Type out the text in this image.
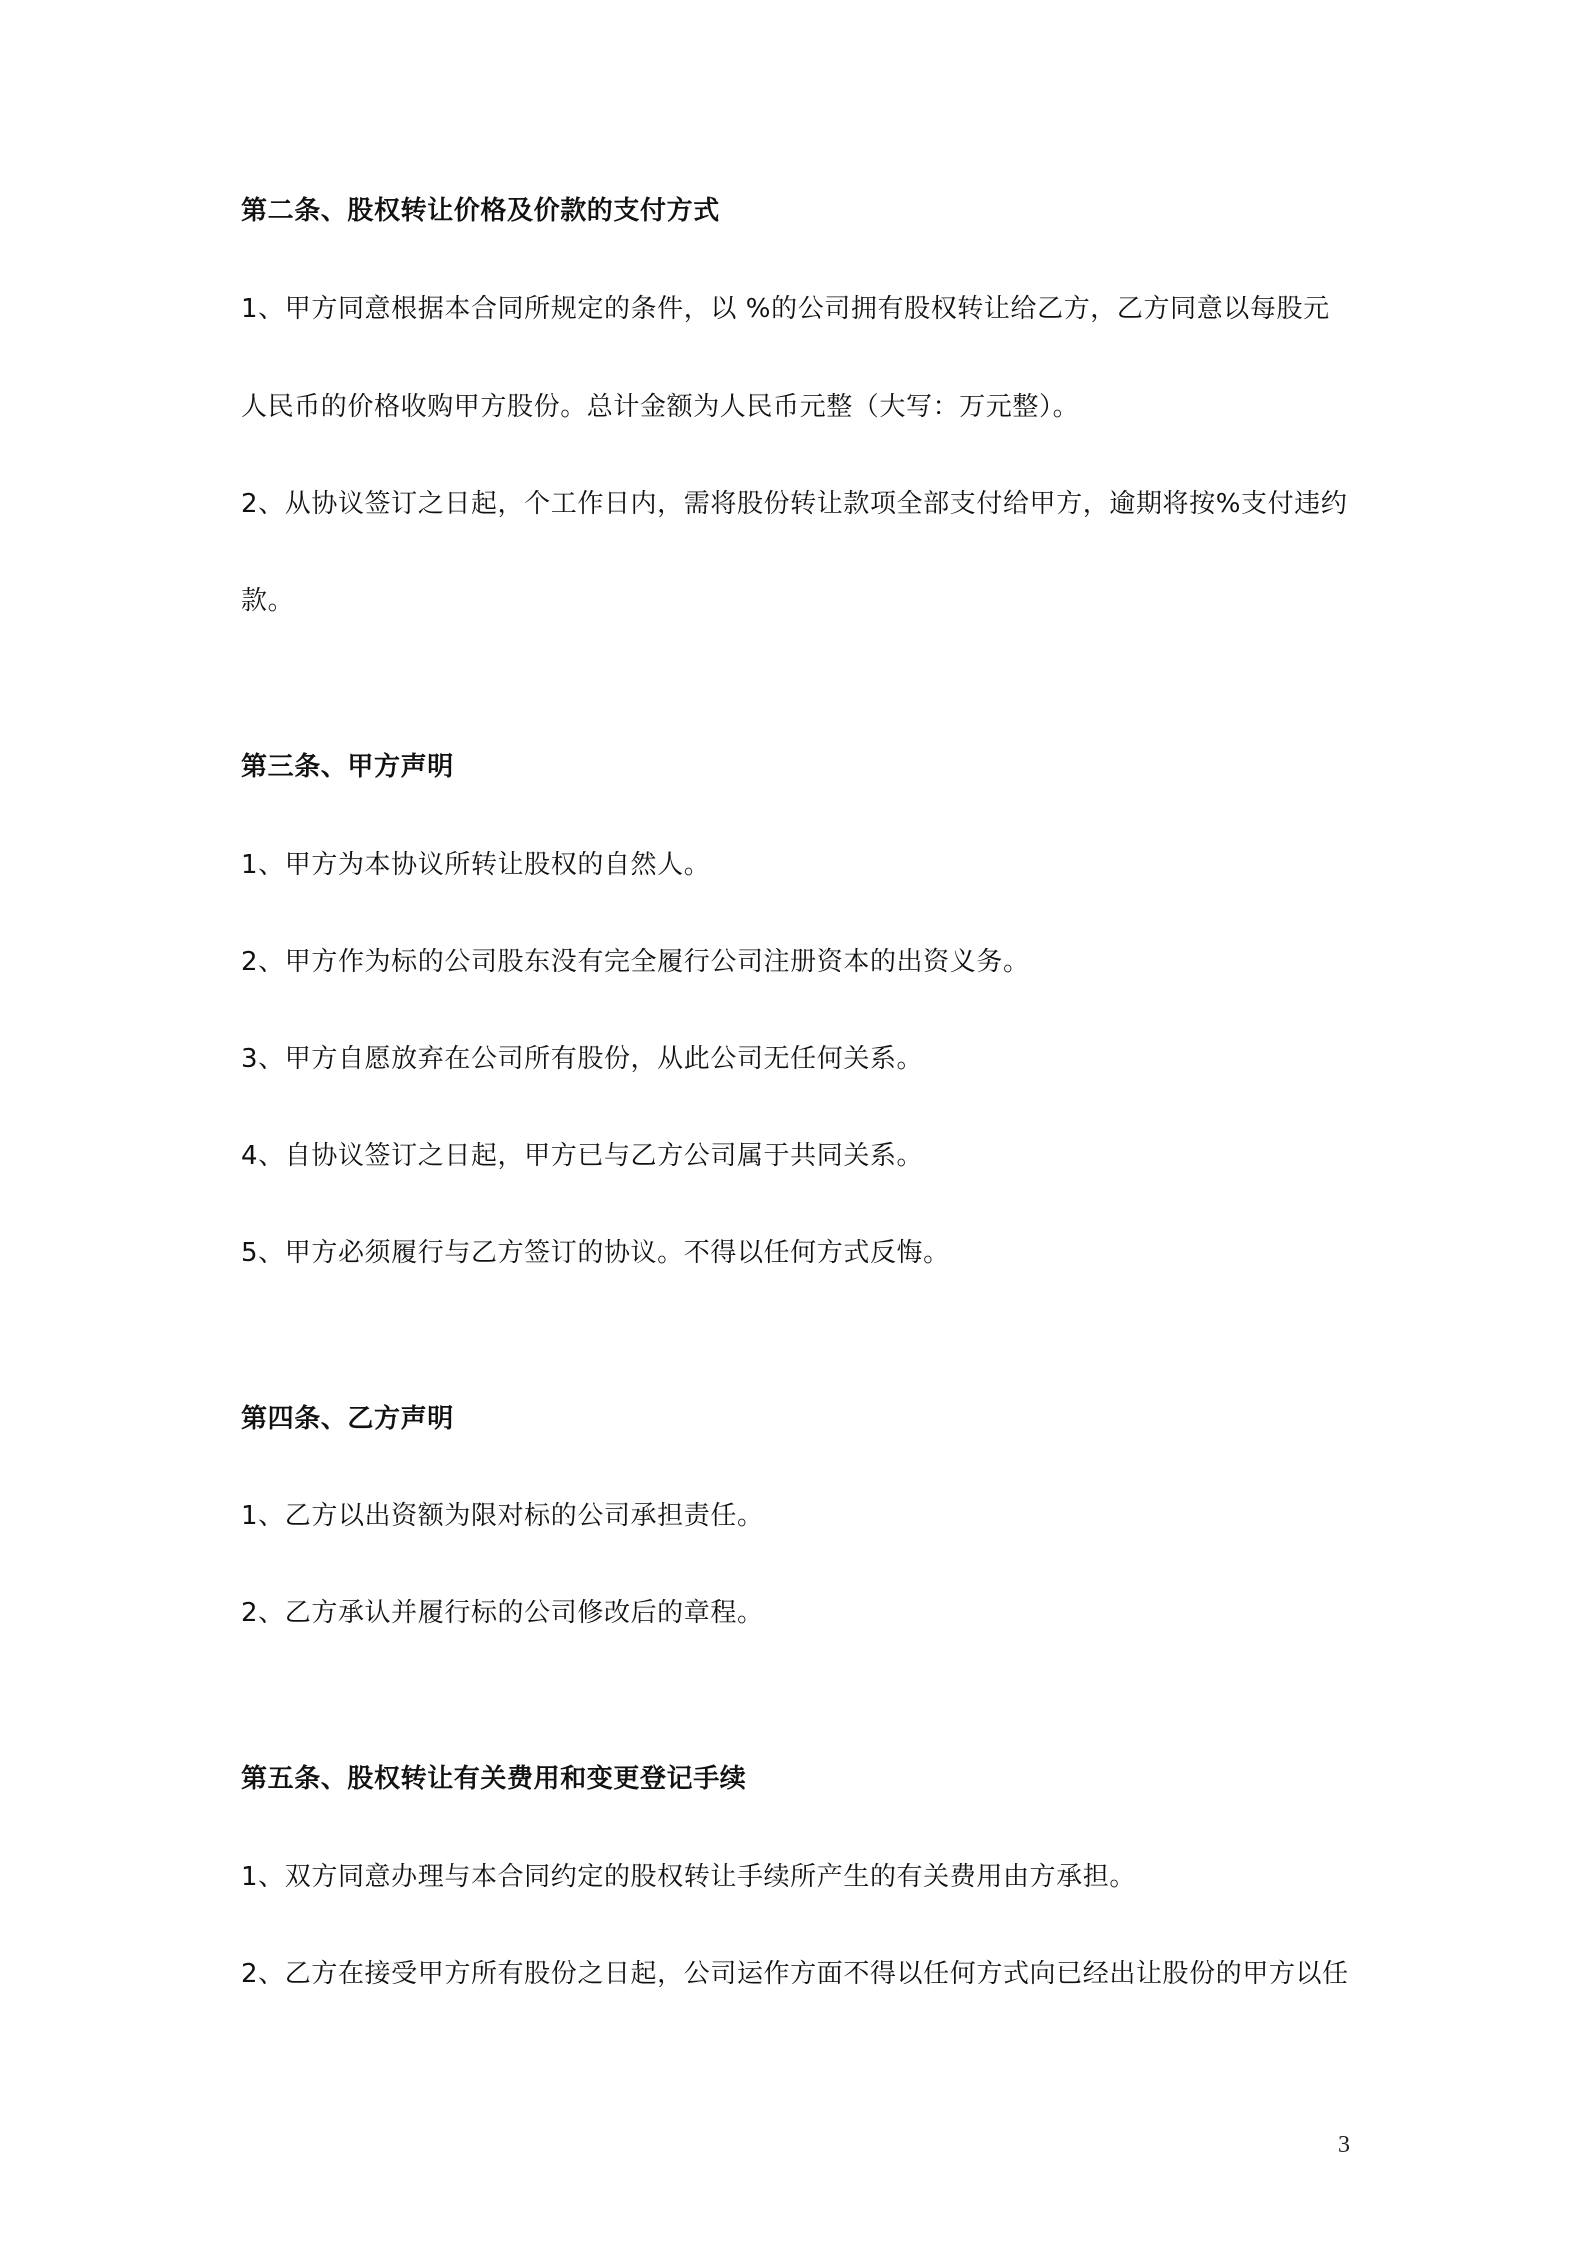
第二条、股权转让价格及价款的支付方式
1、甲方同意根据本合同所规定的条件，以 %的公司拥有股权转让给乙方，乙方同意以每股元
人民币的价格收购甲方股份。总计金额为人民币元整（大写：万元整）。
2、从协议签订之日起，个工作日内，需将股份转让款项全部支付给甲方，逾期将按%支付违约
款。
第三条、甲方声明
1、甲方为本协议所转让股权的自然人。
2、甲方作为标的公司股东没有完全履行公司注册资本的出资义务。
3、甲方自愿放弃在公司所有股份，从此公司无任何关系。
4、自协议签订之日起，甲方已与乙方公司属于共同关系。
5、甲方必须履行与乙方签订的协议。不得以任何方式反悔。
第四条、乙方声明
1、乙方以出资额为限对标的公司承担责任。
2、乙方承认并履行标的公司修改后的章程。
第五条、股权转让有关费用和变更登记手续
1、双方同意办理与本合同约定的股权转让手续所产生的有关费用由方承担。
2、乙方在接受甲方所有股份之日起，公司运作方面不得以任何方式向已经出让股份的甲方以任
3
